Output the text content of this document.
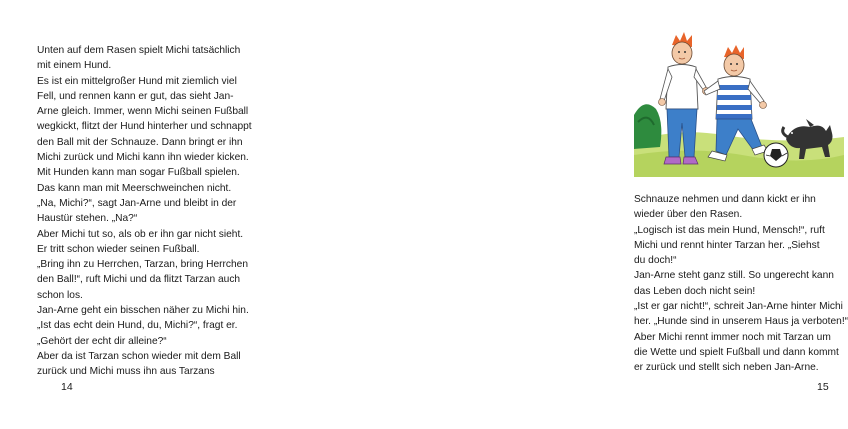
Unten auf dem Rasen spielt Michi tatsächlich
mit einem Hund.
Es ist ein mittelgroßer Hund mit ziemlich viel
Fell, und rennen kann er gut, das sieht Jan-
Arne gleich. Immer, wenn Michi seinen Fußball
wegkickt, flitzt der Hund hinterher und schnappt
den Ball mit der Schnauze. Dann bringt er ihn
Michi zurück und Michi kann ihn wieder kicken.
Mit Hunden kann man sogar Fußball spielen.
Das kann man mit Meerschweinchen nicht.
„Na, Michi?“, sagt Jan-Arne und bleibt in der
Haustür stehen. „Na?“
Aber Michi tut so, als ob er ihn gar nicht sieht.
Er tritt schon wieder seinen Fußball.
„Bring ihn zu Herrchen, Tarzan, bring Herrchen
den Ball!“, ruft Michi und da flitzt Tarzan auch
schon los.
Jan-Arne geht ein bisschen näher zu Michi hin.
„Ist das echt dein Hund, du, Michi?“, fragt er.
„Gehört der echt dir alleine?“
Aber da ist Tarzan schon wieder mit dem Ball
zurück und Michi muss ihn aus Tarzans
14
Schnauze nehmen und dann kickt er ihn
wieder über den Rasen.
„Logisch ist das mein Hund, Mensch!“, ruft
Michi und rennt hinter Tarzan her. „Siehst
du doch!“
Jan-Arne steht ganz still. So ungerecht kann
das Leben doch nicht sein!
„Ist er gar nicht!“, schreit Jan-Arne hinter Michi
her. „Hunde sind in unserem Haus ja verboten!“
Aber Michi rennt immer noch mit Tarzan um
die Wette und spielt Fußball und dann kommt
er zurück und stellt sich neben Jan-Arne.
15
